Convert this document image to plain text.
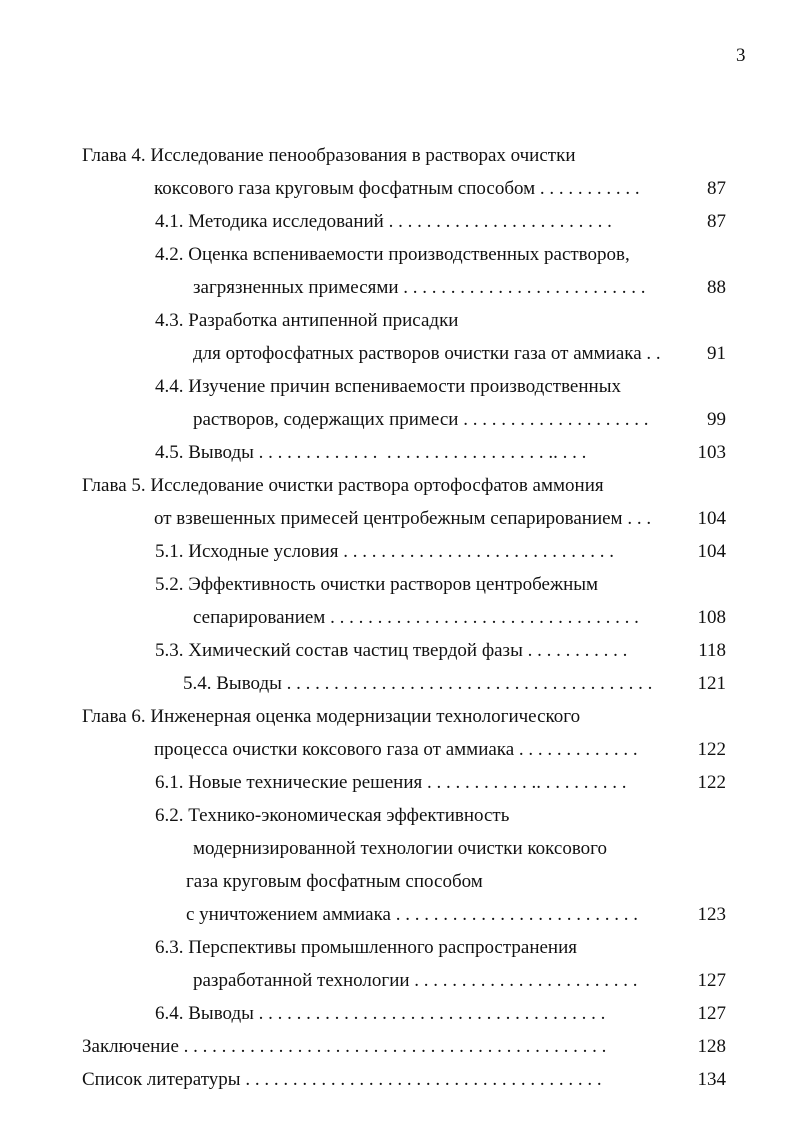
3
Глава 4. Исследование пенообразования в растворах очистки
коксового газа круговым фосфатным способом . . . . . . . . . . .	87
4.1. Методика исследований . . . . . . . . . . . . . . . . . . . . . . . .	87
4.2. Оценка вспениваемости производственных растворов,
загрязненных примесями . . . . . . . . . . . . . . . . . . . . . . . . . .	88
4.3. Разработка антипенной присадки
для ортофосфатных растворов очистки газа от аммиака . .	91
4.4. Изучение причин вспениваемости производственных
растворов, содержащих примеси . . . . . . . . . . . . . . . . . . . .	99
4.5. Выводы . . . . . . . . . . . . .  . . . . . . . . . . . . . . . . . .. . . .	103
Глава 5. Исследование очистки раствора ортофосфатов аммония
от взвешенных примесей центробежным сепарированием . . .	104
5.1. Исходные условия . . . . . . . . . . . . . . . . . . . . . . . . . . . . .	104
5.2. Эффективность очистки растворов центробежным
сепарированием . . . . . . . . . . . . . . . . . . . . . . . . . . . . . . . . .	108
5.3. Химический состав частиц твердой фазы . . . . . . . . . . .	118
5.4. Выводы . . . . . . . . . . . . . . . . . . . . . . . . . . . . . . . . . . . . . . .	121
Глава 6. Инженерная оценка модернизации технологического
процесса очистки коксового газа от аммиака . . . . . . . . . . . . .	122
6.1. Новые технические решения . . . . . . . . . . . .. . . . . . . . . .	122
6.2. Технико-экономическая эффективность
модернизированной технологии очистки коксового
газа круговым фосфатным способом
с уничтожением аммиака . . . . . . . . . . . . . . . . . . . . . . . . . .	123
6.3. Перспективы промышленного распространения
разработанной технологии . . . . . . . . . . . . . . . . . . . . . . . .	127
6.4. Выводы . . . . . . . . . . . . . . . . . . . . . . . . . . . . . . . . . . . . .	127
Заключение . . . . . . . . . . . . . . . . . . . . . . . . . . . . . . . . . . . . . . . . . . . . .	128
Список литературы . . . . . . . . . . . . . . . . . . . . . . . . . . . . . . . . . . . . . .	134
